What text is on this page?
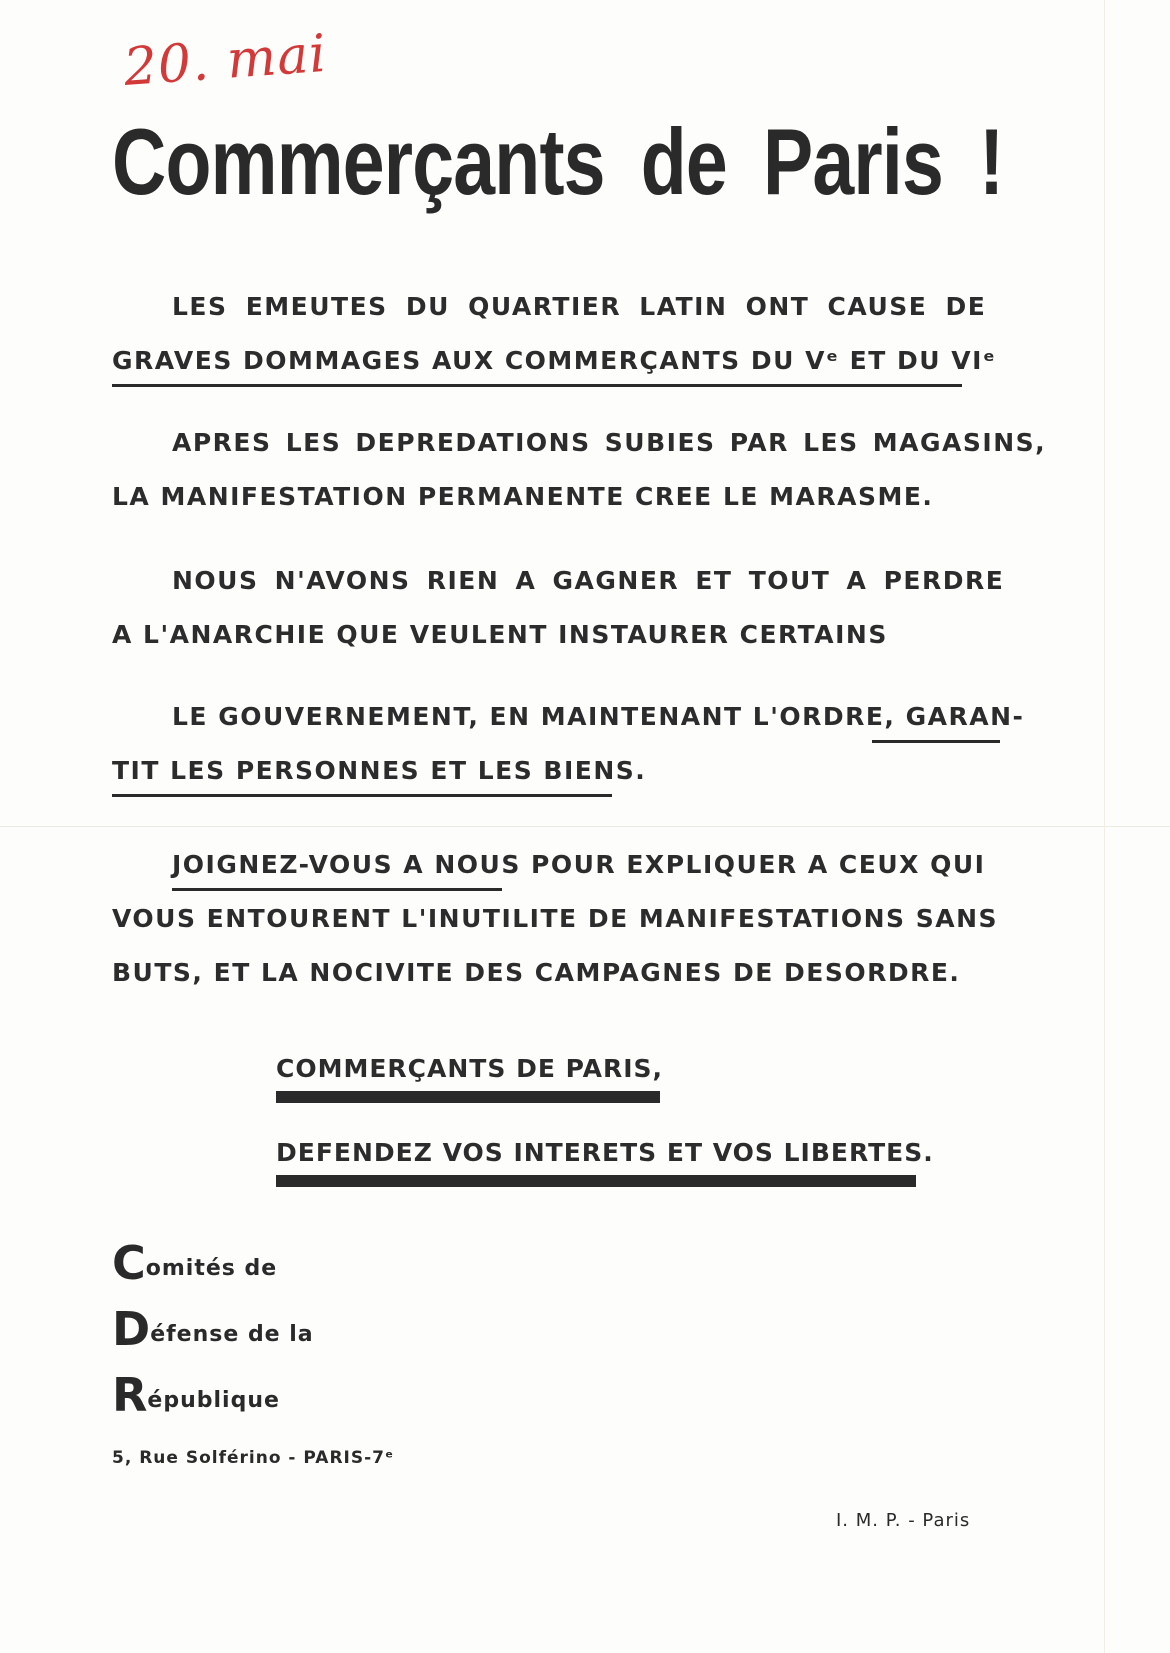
20. mai
Commerçants de Paris !
LES EMEUTES DU QUARTIER LATIN ONT CAUSE DE
GRAVES DOMMAGES AUX COMMERÇANTS DU Vᵉ ET DU VIᵉ
APRES LES DEPREDATIONS SUBIES PAR LES MAGASINS,
LA MANIFESTATION PERMANENTE CREE LE MARASME.
NOUS N'AVONS RIEN A GAGNER ET TOUT A PERDRE
A L'ANARCHIE QUE VEULENT INSTAURER CERTAINS
LE GOUVERNEMENT, EN MAINTENANT L'ORDRE, GARAN-
TIT LES PERSONNES ET LES BIENS.
JOIGNEZ-VOUS A NOUS POUR EXPLIQUER A CEUX QUI
VOUS ENTOURENT L'INUTILITE DE MANIFESTATIONS SANS
BUTS, ET LA NOCIVITE DES CAMPAGNES DE DESORDRE.
COMMERÇANTS DE PARIS,
DEFENDEZ VOS INTERETS ET VOS LIBERTES.
Comités de
Défense de la
République
5, Rue Solférino - PARIS-7ᵉ
I. M. P. - Paris
